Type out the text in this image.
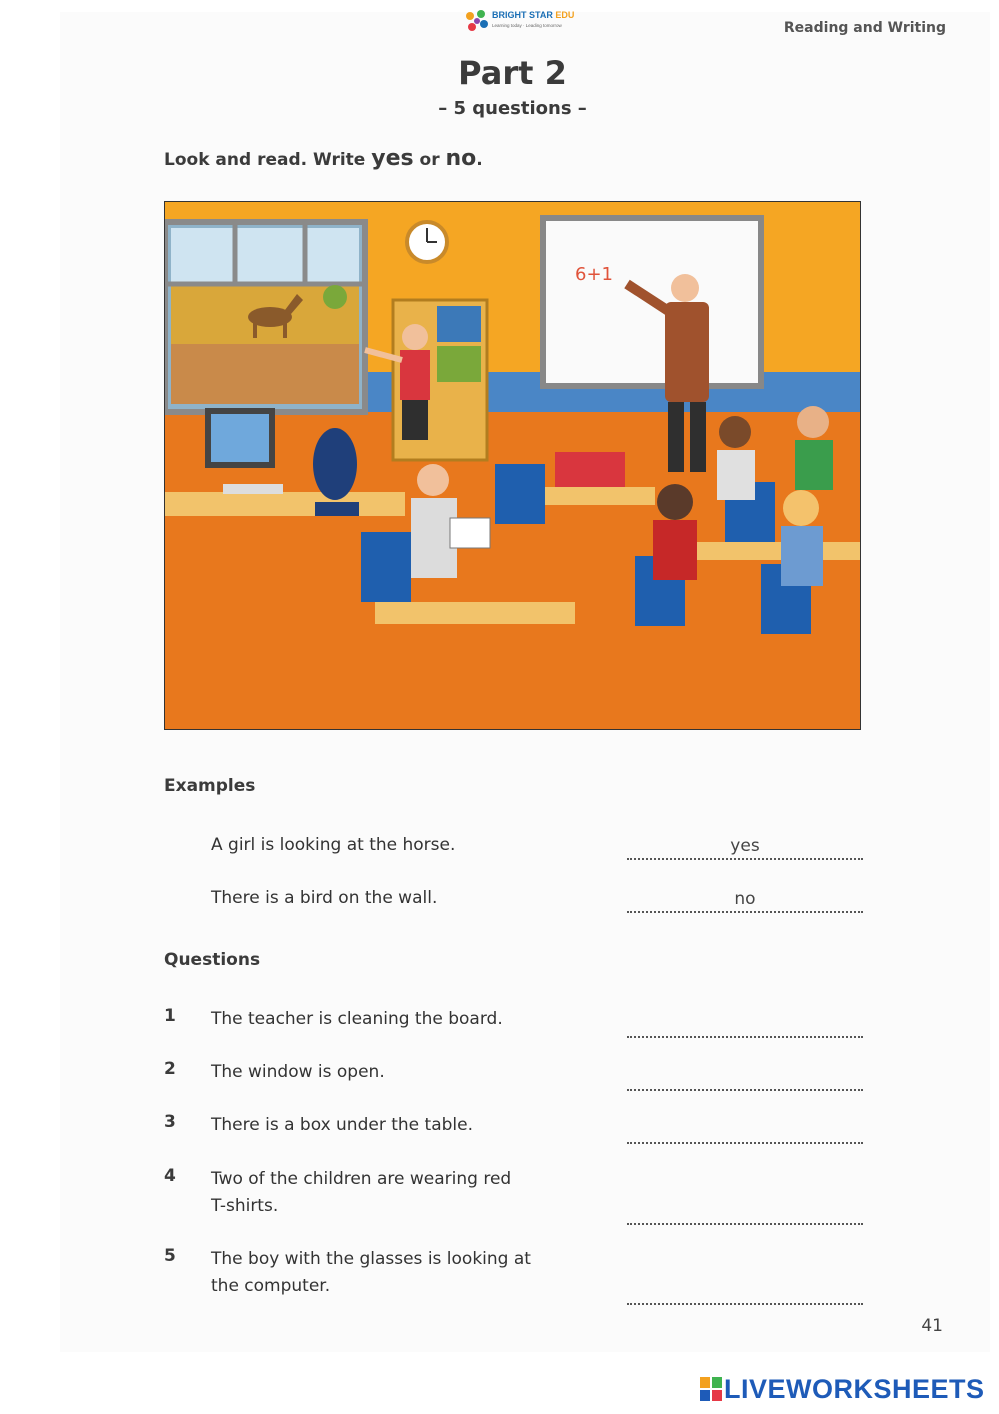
BRIGHT STAR EDU
Learning today · Leading tomorrow	Reading and Writing
Part 2
– 5 questions –
Look and read. Write yes or no.
6+1
Examples
A girl is looking at the horse.	yes
There is a bird on the wall.	no
Questions
1 The teacher is cleaning the board.
2 The window is open.
3 There is a box under the table.
4 Two of the children are wearing red T-shirts.
5 The boy with the glasses is looking at the computer.
41
LIVEWORKSHEETS
